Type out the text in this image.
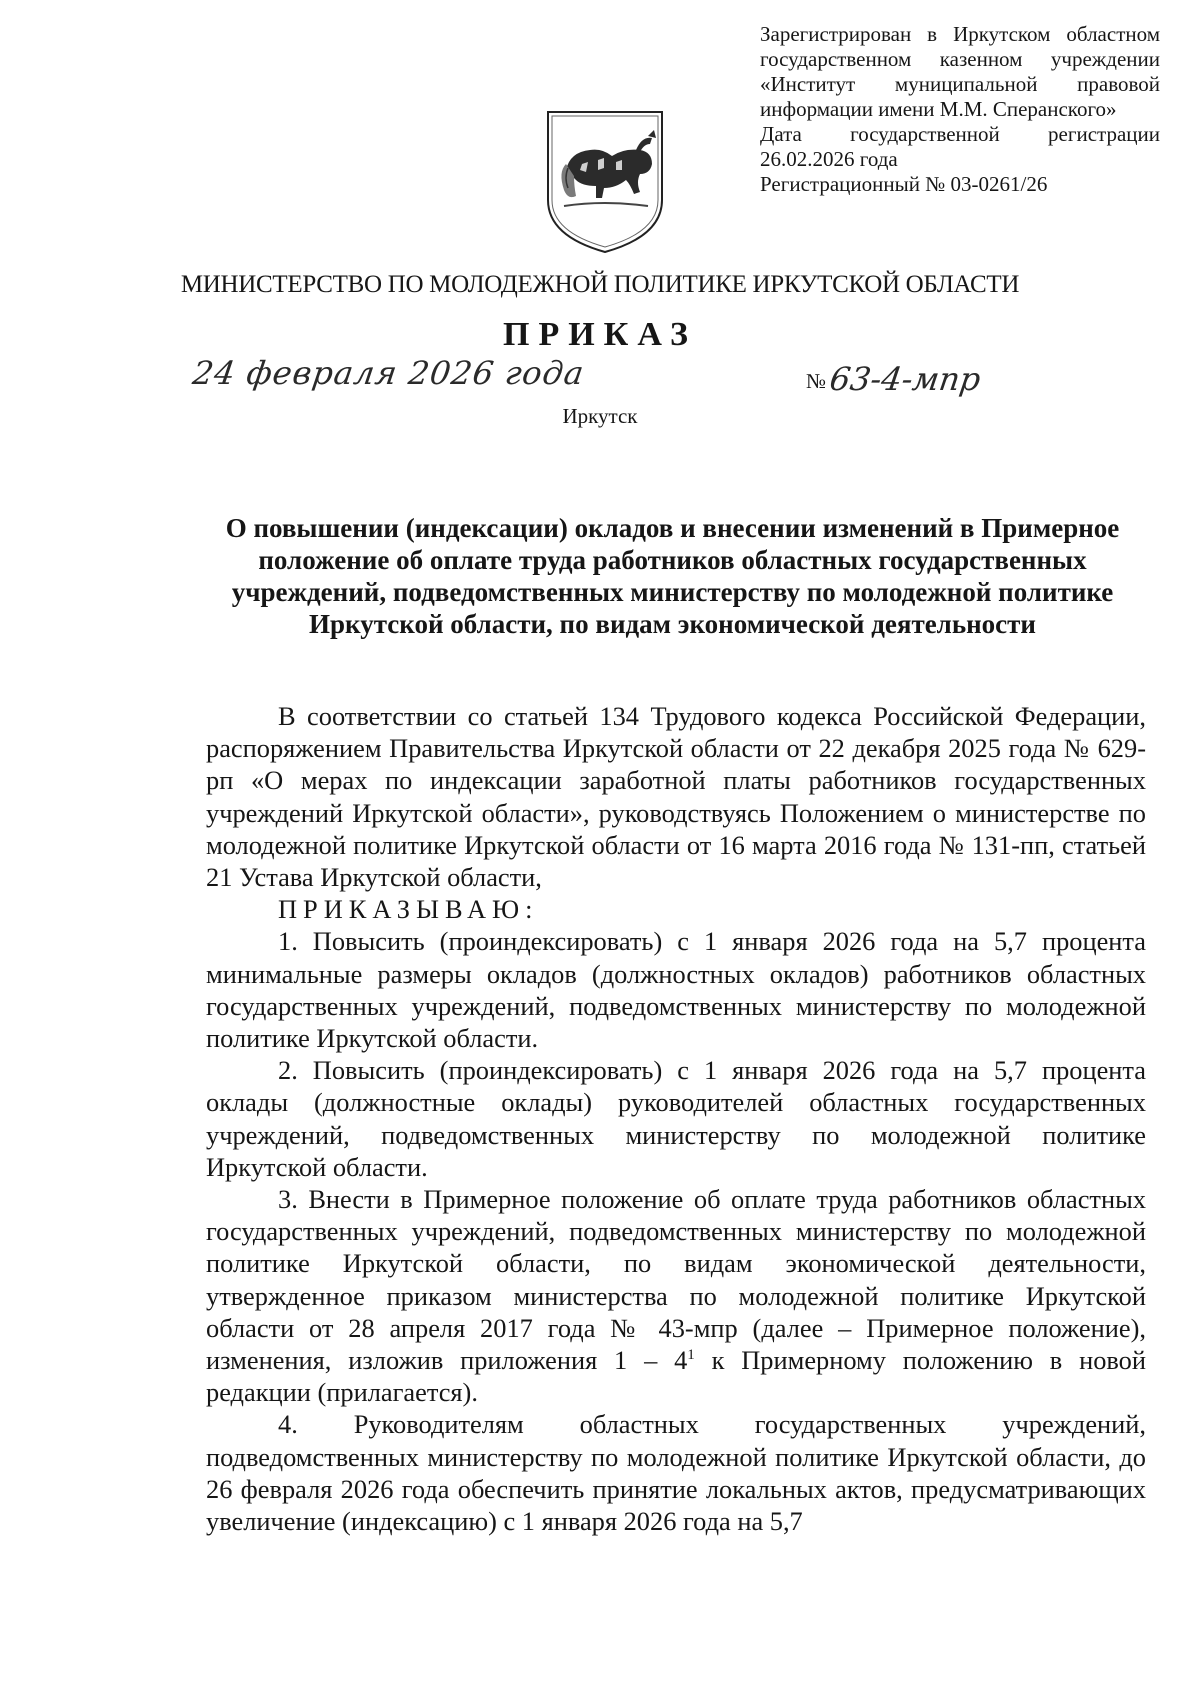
Зарегистрирован в Иркутском областном
государственном казенном учреждении
«Институт муниципальной правовой
информации имени М.М. Сперанского»
Дата государственной регистрации
26.02.2026 года
Регистрационный № 03-0261/26
МИНИСТЕРСТВО ПО МОЛОДЕЖНОЙ ПОЛИТИКЕ ИРКУТСКОЙ ОБЛАСТИ
ПРИКАЗ
24 февраля 2026 года	№63-4-мпр
Иркутск
О повышении (индексации) окладов и внесении изменений в Примерное положение об оплате труда работников областных государственных учреждений, подведомственных министерству по молодежной политике Иркутской области, по видам экономической деятельности

В соответствии со статьей 134 Трудового кодекса Российской Федерации, распоряжением Правительства Иркутской области от 22 декабря 2025 года № 629-рп «О мерах по индексации заработной платы работников государственных учреждений Иркутской области», руководствуясь Положением о министерстве по молодежной политике Иркутской области от 16 марта 2016 года № 131-пп, статьей 21 Устава Иркутской области,

ПРИКАЗЫВАЮ:

1. Повысить (проиндексировать) с 1 января 2026 года на 5,7 процента минимальные размеры окладов (должностных окладов) работников областных государственных учреждений, подведомственных министерству по молодежной политике Иркутской области.

2. Повысить (проиндексировать) с 1 января 2026 года на 5,7 процента оклады (должностные оклады) руководителей областных государственных учреждений, подведомственных министерству по молодежной политике Иркутской области.

3. Внести в Примерное положение об оплате труда работников областных государственных учреждений, подведомственных министерству по молодежной политике Иркутской области, по видам экономической деятельности, утвержденное приказом министерства по молодежной политике Иркутской области от 28 апреля 2017 года № 43-мпр (далее – Примерное положение), изменения, изложив приложения $1 - 4^1$ к Примерному положению в новой редакции (прилагается).

4. Руководителям областных государственных учреждений, подведомственных министерству по молодежной политике Иркутской области, до 26 февраля 2026 года обеспечить принятие локальных актов, предусматривающих увеличение (индексацию) с 1 января 2026 года на 5,7
